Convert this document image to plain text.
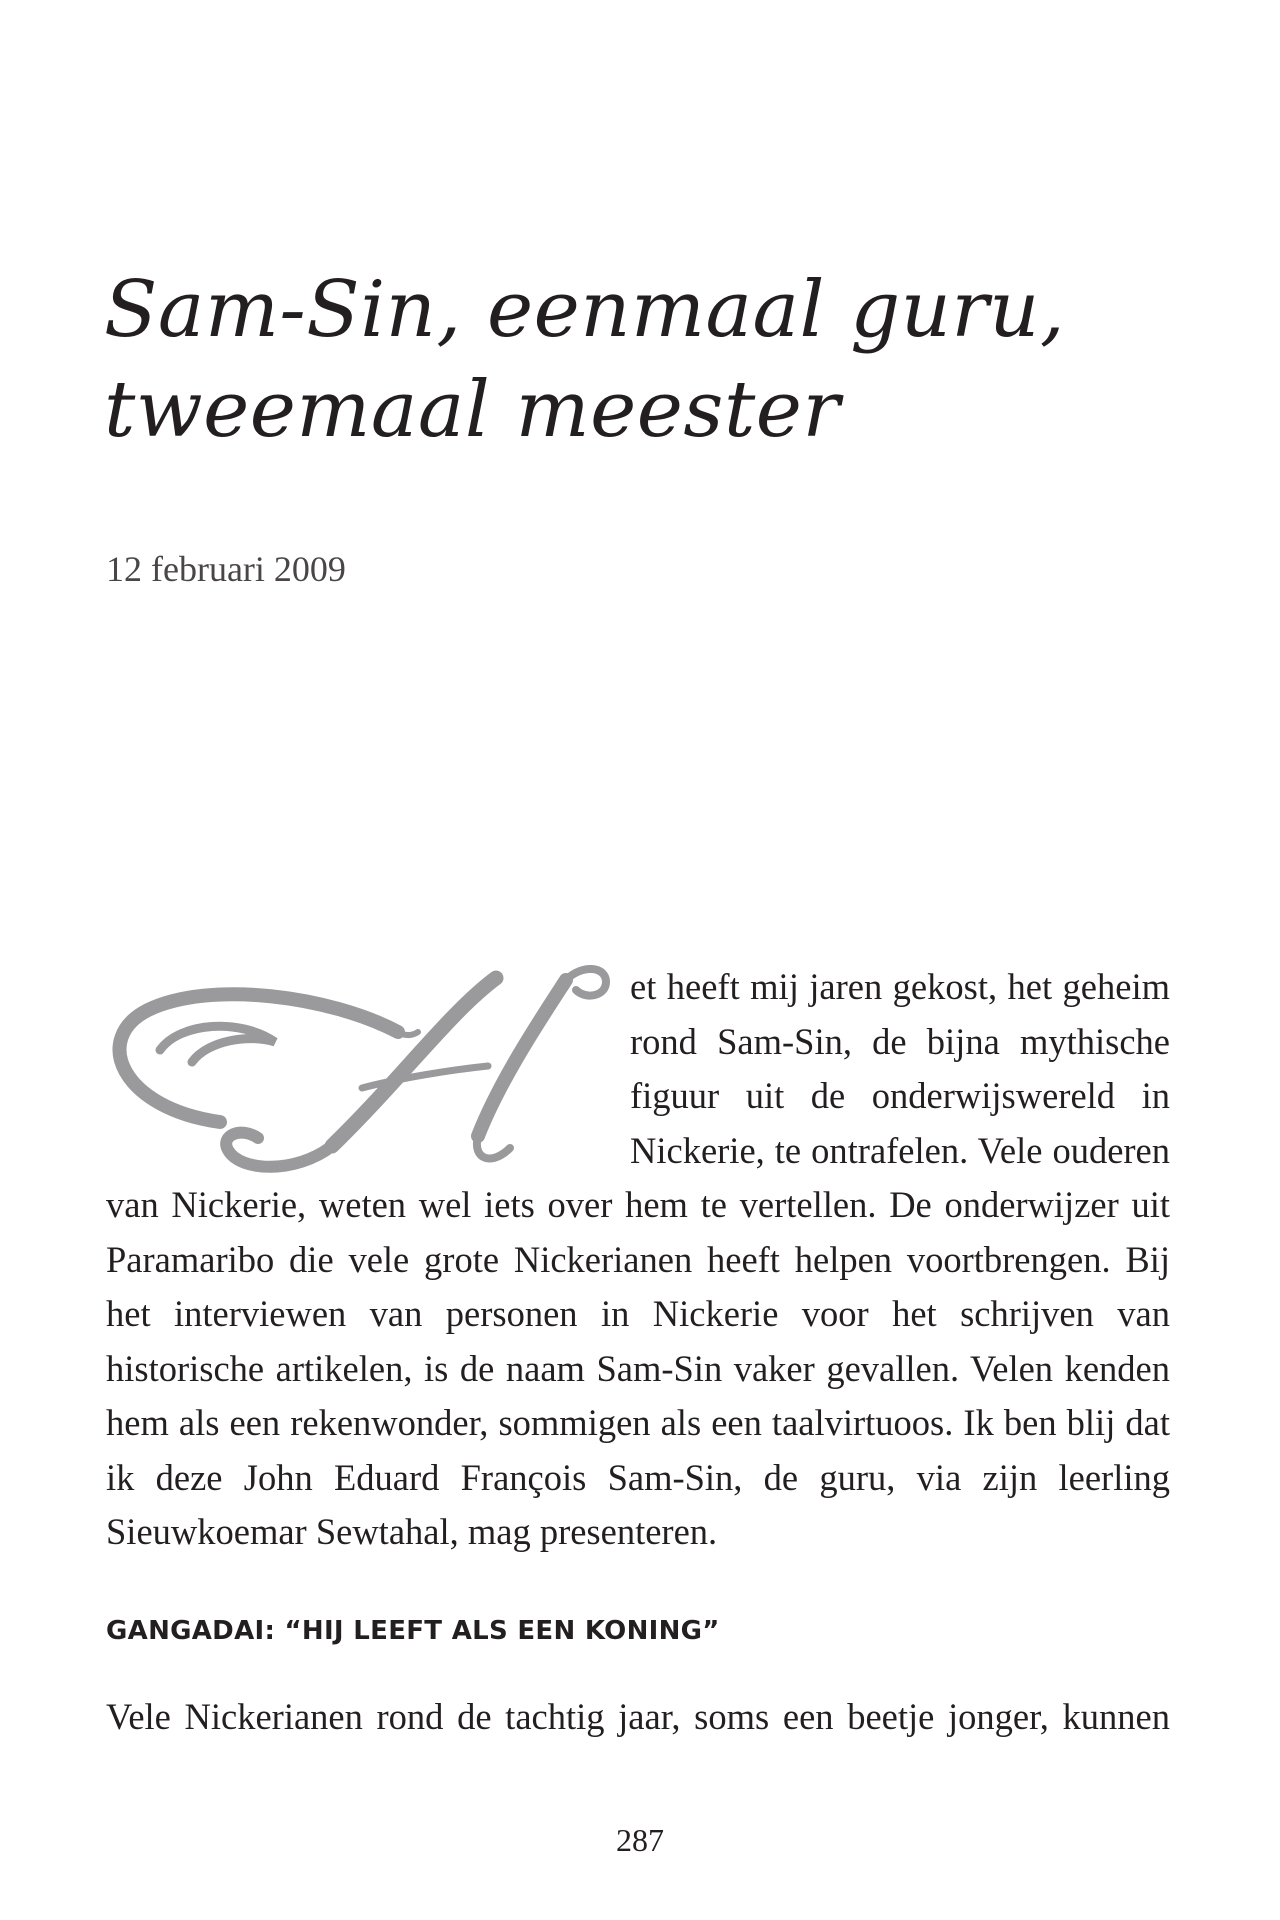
Sam-Sin, eenmaal guru,
tweemaal meester
12 februari 2009
et heeft mij jaren gekost, het geheim rond Sam-Sin, de bijna mythische figuur uit de onderwijswereld in Nickerie, te ontrafelen. Vele ouderen van Nickerie, weten wel iets over hem te vertellen. De onderwijzer uit Paramaribo die vele grote Nickerianen heeft helpen voortbrengen. Bij het interviewen van personen in Nickerie voor het schrijven van historische artikelen, is de naam Sam-Sin vaker gevallen. Velen kenden hem als een rekenwonder, sommigen als een taalvirtuoos. Ik ben blij dat ik deze John Eduard François Sam-Sin, de guru, via zijn leerling Sieuwkoemar Sewtahal, mag presenteren.
GANGADAI: “HIJ LEEFT ALS EEN KONING”
Vele Nickerianen rond de tachtig jaar, soms een beetje jonger, kunnen
287
